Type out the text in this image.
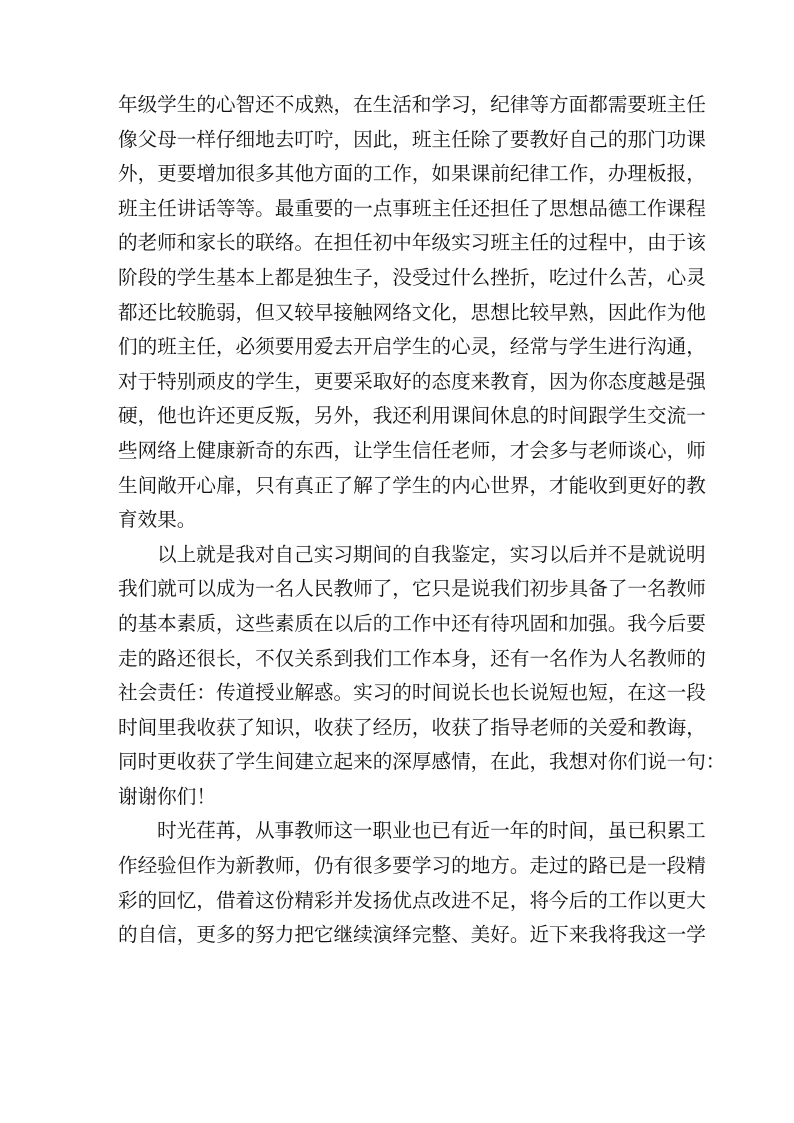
年级学生的心智还不成熟，在生活和学习，纪律等方面都需要班主任
像父母一样仔细地去叮咛，因此，班主任除了要教好自己的那门功课
外，更要增加很多其他方面的工作，如果课前纪律工作，办理板报，
班主任讲话等等。最重要的一点事班主任还担任了思想品德工作课程
的老师和家长的联络。在担任初中年级实习班主任的过程中，由于该
阶段的学生基本上都是独生子，没受过什么挫折，吃过什么苦，心灵
都还比较脆弱，但又较早接触网络文化，思想比较早熟，因此作为他
们的班主任，必须要用爱去开启学生的心灵，经常与学生进行沟通，
对于特别顽皮的学生，更要采取好的态度来教育，因为你态度越是强
硬，他也许还更反叛，另外，我还利用课间休息的时间跟学生交流一
些网络上健康新奇的东西，让学生信任老师，才会多与老师谈心，师
生间敞开心扉，只有真正了解了学生的内心世界，才能收到更好的教
育效果。
以上就是我对自己实习期间的自我鉴定，实习以后并不是就说明
我们就可以成为一名人民教师了，它只是说我们初步具备了一名教师
的基本素质，这些素质在以后的工作中还有待巩固和加强。我今后要
走的路还很长，不仅关系到我们工作本身，还有一名作为人名教师的
社会责任：传道授业解惑。实习的时间说长也长说短也短，在这一段
时间里我收获了知识，收获了经历，收获了指导老师的关爱和教诲，
同时更收获了学生间建立起来的深厚感情，在此，我想对你们说一句：
谢谢你们！
时光荏苒，从事教师这一职业也已有近一年的时间，虽已积累工
作经验但作为新教师，仍有很多要学习的地方。走过的路已是一段精
彩的回忆，借着这份精彩并发扬优点改进不足，将今后的工作以更大
的自信，更多的努力把它继续演绎完整、美好。近下来我将我这一学
